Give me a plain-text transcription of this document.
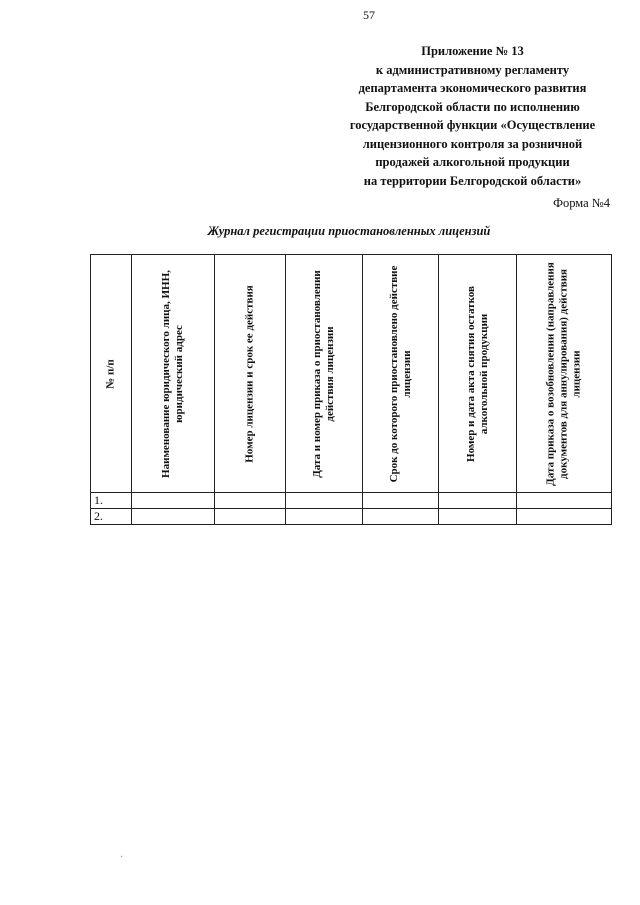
57
Приложение № 13
к административному регламенту
департамента экономического развития
Белгородской области по исполнению
государственной функции «Осуществление
лицензионного контроля за розничной
продажей алкогольной продукции
на территории Белгородской области»
Форма №4
Журнал регистрации приостановленных лицензий
№ п/п	Наименование юридического лица, ИНН, юридический адрес	Номер лицензии и срок ее действия	Дата и номер приказа о приостановлении действия лицензии	Срок до которого приостановлено действие лицензии	Номер и дата акта снятия остатков алкогольной продукции	Дата приказа о возобновлении (направления документов для аннулирования) действия лицензии

1.						
2.						
·
